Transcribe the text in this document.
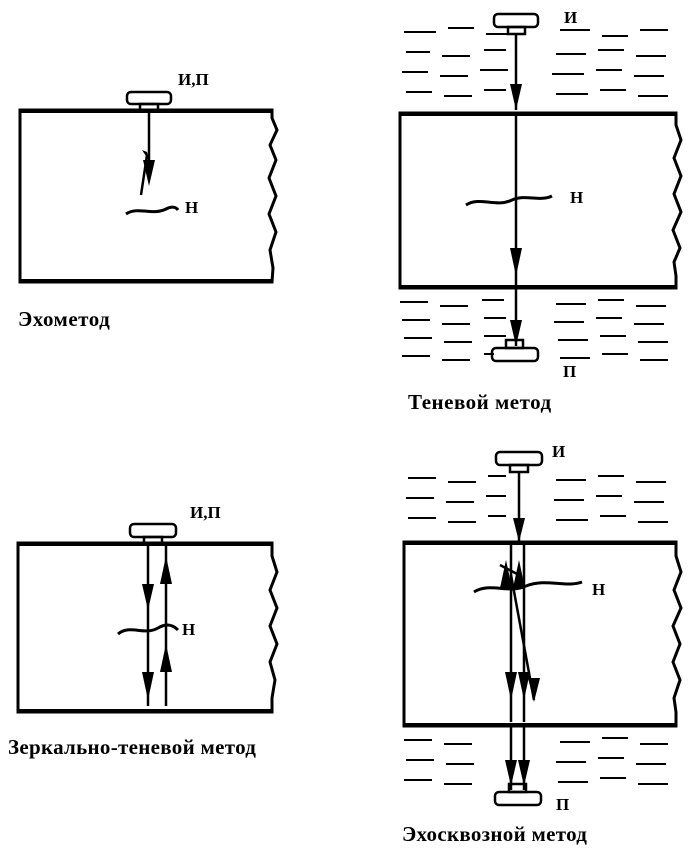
И,П
H
И
H
П
И,П
H
И
H
П
Эхометод
Теневой метод
Зеркально-теневой метод
Эхосквозной метод
